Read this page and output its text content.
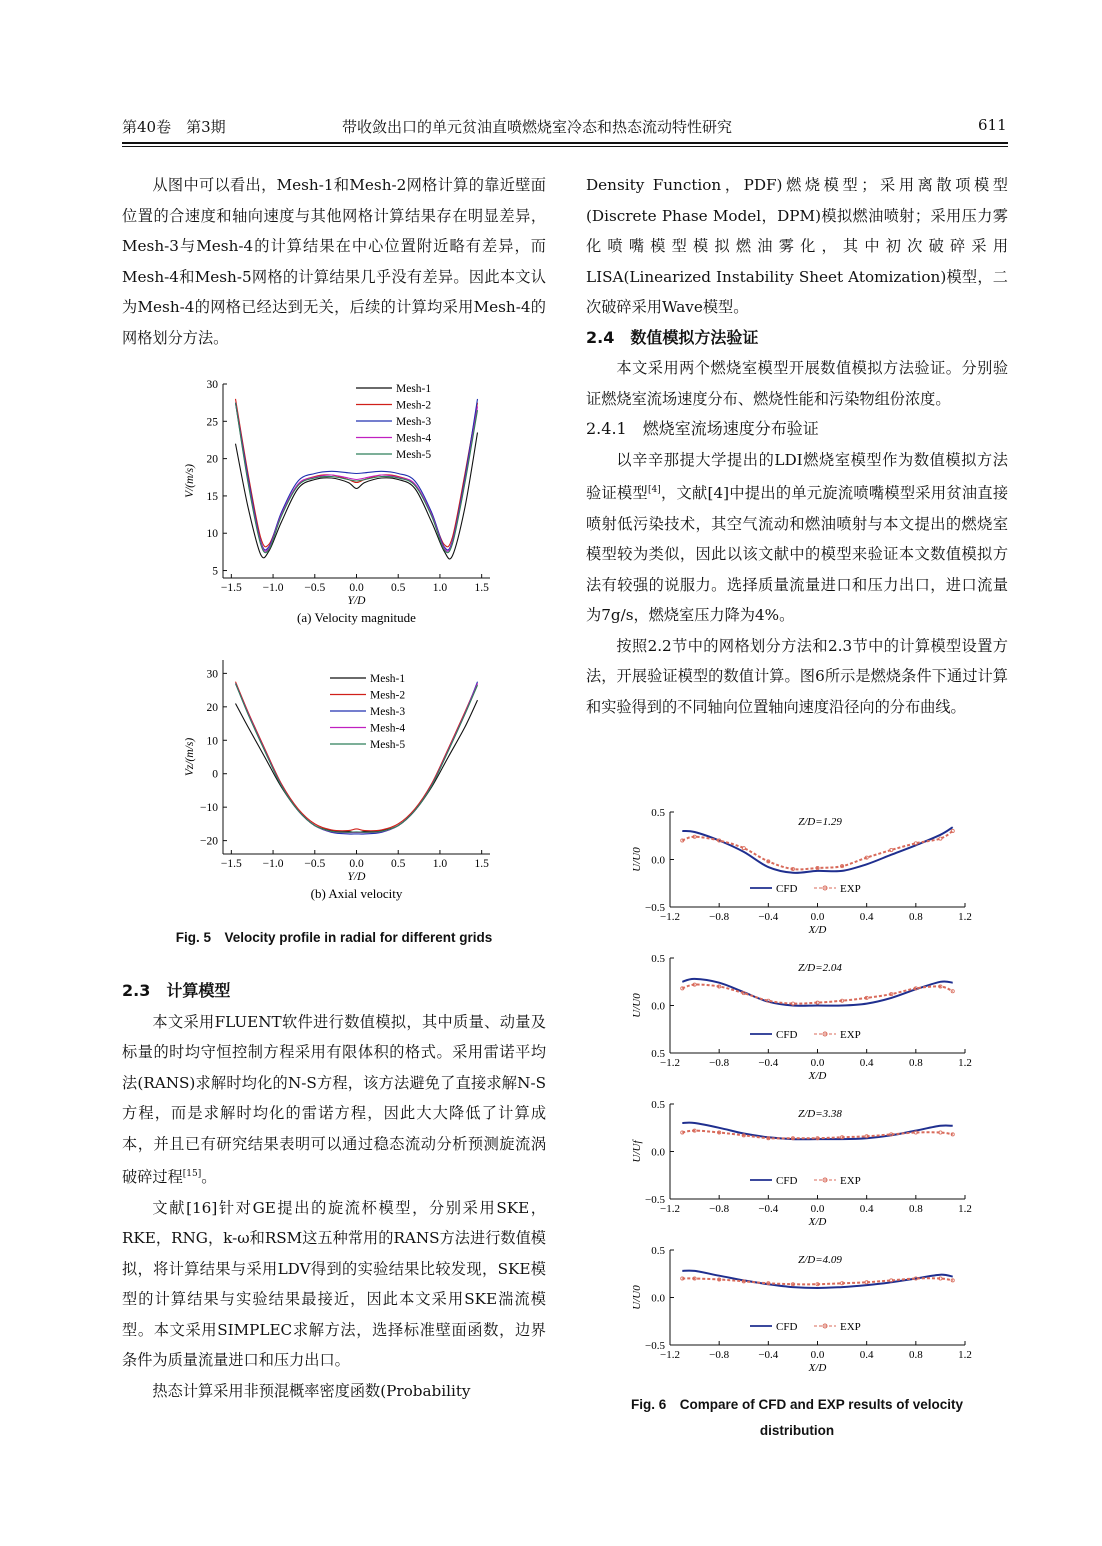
第40卷　第3期	带收敛出口的单元贫油直喷燃烧室冷态和热态流动特性研究	611

从图中可以看出，Mesh-1和Mesh-2网格计算的靠近壁面位置的合速度和轴向速度与其他网格计算结果存在明显差异，Mesh-3与Mesh-4的计算结果在中心位置附近略有差异，而Mesh-4和Mesh-5网格的计算结果几乎没有差异。因此本文认为Mesh-4的网格已经达到无关，后续的计算均采用Mesh-4的网格划分方法。

−1.5 −1.0 −0.5 0.0 0.5 1.0 1.5
5
10
15
20
25
30
Y/D
V/(m/s)
Mesh-1
Mesh-2
Mesh-3
Mesh-4
Mesh-5
(a) Velocity magnitude
−1.5 −1.0 −0.5 0.0 0.5 1.0 1.5
−20
−10
0
10
20
30
Y/D
Vz/(m/s)
Mesh-1
Mesh-2
Mesh-3
Mesh-4
Mesh-5
(b) Axial velocity
Fig. 5　Velocity profile in radial for different grids

2.3　计算模型

本文采用FLUENT软件进行数值模拟，其中质量、动量及标量的时均守恒控制方程采用有限体积的格式。采用雷诺平均法(RANS)求解时均化的N-S方程，该方法避免了直接求解N-S方程，而是求解时均化的雷诺方程，因此大大降低了计算成本，并且已有研究结果表明可以通过稳态流动分析预测旋流涡破碎过程[15]。

文献[16]针对GE提出的旋流杯模型，分别采用SKE，RKE，RNG，k-ω和RSM这五种常用的RANS方法进行数值模拟，将计算结果与采用LDV得到的实验结果比较发现，SKE模型的计算结果与实验结果最接近，因此本文采用SKE湍流模型。本文采用SIMPLEC求解方法，选择标准壁面函数，边界条件为质量流量进口和压力出口。

热态计算采用非预混概率密度函数(Probability

Density Function，PDF)燃烧模型；采用离散项模型(Discrete Phase Model，DPM)模拟燃油喷射；采用压力雾化喷嘴模型模拟燃油雾化，其中初次破碎采用LISA(Linearized Instability Sheet Atomization)模型，二次破碎采用Wave模型。

2.4　数值模拟方法验证

本文采用两个燃烧室模型开展数值模拟方法验证。分别验证燃烧室流场速度分布、燃烧性能和污染物组份浓度。

2.4.1　燃烧室流场速度分布验证

以辛辛那提大学提出的LDI燃烧室模型作为数值模拟方法验证模型[4]，文献[4]中提出的单元旋流喷嘴模型采用贫油直接喷射低污染技术，其空气流动和燃油喷射与本文提出的燃烧室模型较为类似，因此以该文献中的模型来验证本文数值模拟方法有较强的说服力。选择质量流量进口和压力出口，进口流量为7g/s，燃烧室压力降为4%。

按照2.2节中的网格划分方法和2.3节中的计算模型设置方法，开展验证模型的数值计算。图6所示是燃烧条件下通过计算和实验得到的不同轴向位置轴向速度沿径向的分布曲线。

−1.2	−0.8	−0.4	0.0	0.4	0.8	1.2
−0.5
0.0
0.5
X/D
U/U0
Z/D=1.29
CFD	EXP
−1.2	−0.8	−0.4	0.0	0.4	0.8	1.2
0.5
0.0
0.5
X/D
U/U0
Z/D=2.04
CFD	EXP
−1.2	−0.8	−0.4	0.0	0.4	0.8	1.2
−0.5
0.0
0.5
X/D
U/Uf
Z/D=3.38
CFD	EXP
−1.2	−0.8	−0.4	0.0	0.4	0.8	1.2
−0.5
0.0
0.5
X/D
U/U0
Z/D=4.09
CFD	EXP
Fig. 6　Compare of CFD and EXP results of velocity
distribution
